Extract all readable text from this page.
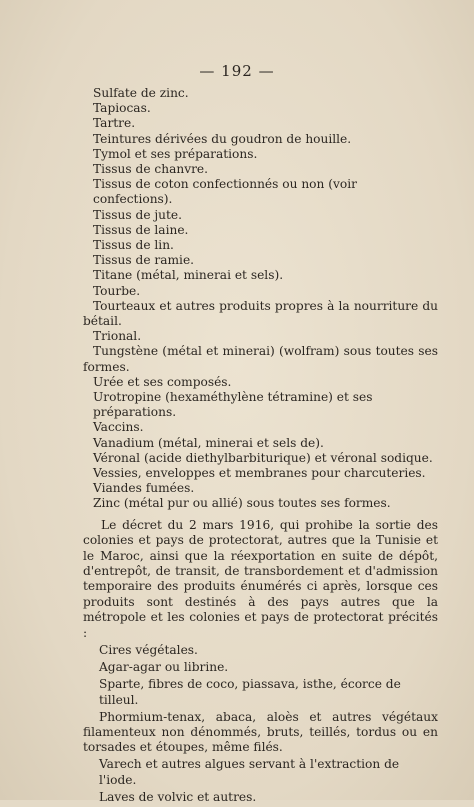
— 192 —

Sulfate de zinc.

Tapiocas.

Tartre.

Teintures dérivées du goudron de houille.

Tymol et ses préparations.

Tissus de chanvre.

Tissus de coton confectionnés ou non (voir confections).

Tissus de jute.

Tissus de laine.

Tissus de lin.

Tissus de ramie.

Titane (métal, minerai et sels).

Tourbe.

Tourteaux et autres produits propres à la nourriture du bétail.

Trional.

Tungstène (métal et minerai) (wolfram) sous toutes ses formes.

Urée et ses composés.

Urotropine (hexaméthylène tétramine) et ses préparations.

Vaccins.

Vanadium (métal, minerai et sels de).

Véronal (acide diethylbarbiturique) et véronal sodique.

Vessies, enveloppes et membranes pour charcuteries.

Viandes fumées.

Zinc (métal pur ou allié) sous toutes ses formes.

Le décret du 2 mars 1916, qui prohibe la sortie des colonies et pays de protectorat, autres que la Tunisie et le Maroc, ainsi que la réexportation en suite de dépôt, d'entrepôt, de transit, de transbordement et d'admission temporaire des produits énumérés ci après, lorsque ces produits sont destinés à des pays autres que la métropole et les colonies et pays de protectorat précités :

Cires végétales.

Agar-agar ou librine.

Sparte, fibres de coco, piassava, isthe, écorce de tilleul.

Phormium-tenax, abaca, aloès et autres végétaux filamenteux non dénommés, bruts, teillés, tordus ou en torsades et étoupes, même filés.

Varech et autres algues servant à l'extraction de l'iode.

Laves de volvic et autres.
